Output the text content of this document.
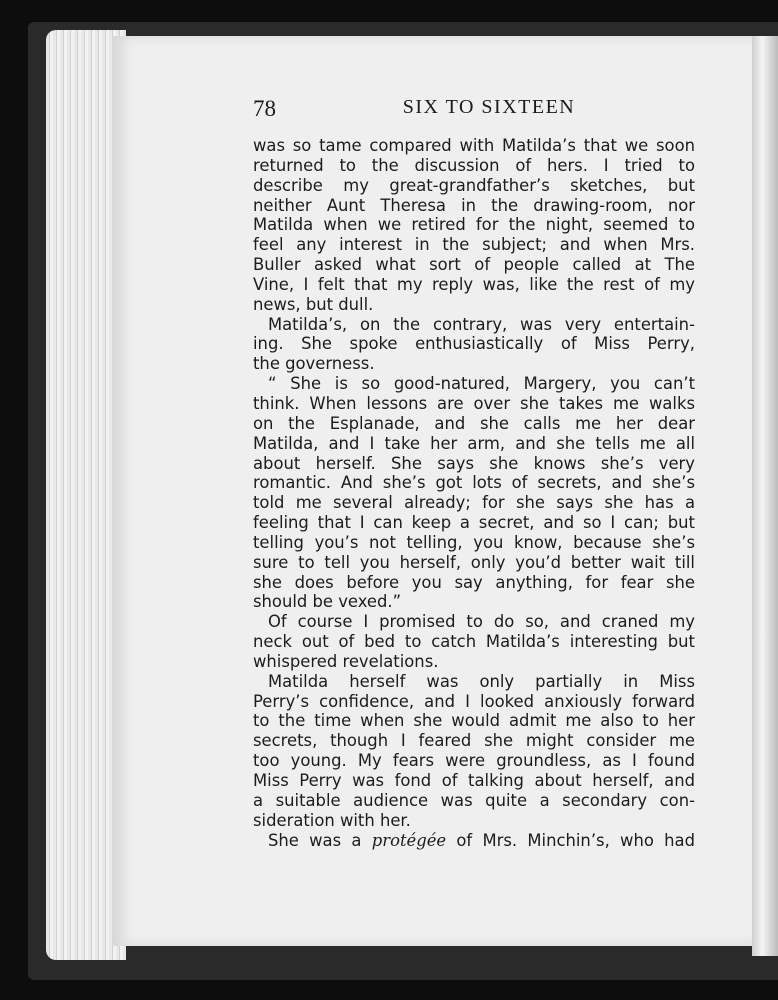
78	SIX TO SIXTEEN
was so tame compared with Matilda’s that we soon
returned to the discussion of hers. I tried to
describe my great-grandfather’s sketches, but
neither Aunt Theresa in the drawing-room, nor
Matilda when we retired for the night, seemed to
feel any interest in the subject; and when Mrs.
Buller asked what sort of people called at The
Vine, I felt that my reply was, like the rest of my
news, but dull.
Matilda’s, on the contrary, was very entertain-
ing. She spoke enthusiastically of Miss Perry,
the governess.
“ She is so good-natured, Margery, you can’t
think. When lessons are over she takes me walks
on the Esplanade, and she calls me her dear
Matilda, and I take her arm, and she tells me all
about herself. She says she knows she’s very
romantic. And she’s got lots of secrets, and she’s
told me several already; for she says she has a
feeling that I can keep a secret, and so I can; but
telling you’s not telling, you know, because she’s
sure to tell you herself, only you’d better wait till
she does before you say anything, for fear she
should be vexed.”
Of course I promised to do so, and craned my
neck out of bed to catch Matilda’s interesting but
whispered revelations.
Matilda herself was only partially in Miss
Perry’s confidence, and I looked anxiously forward
to the time when she would admit me also to her
secrets, though I feared she might consider me
too young. My fears were groundless, as I found
Miss Perry was fond of talking about herself, and
a suitable audience was quite a secondary con-
sideration with her.
She was a protégée of Mrs. Minchin’s, who had
